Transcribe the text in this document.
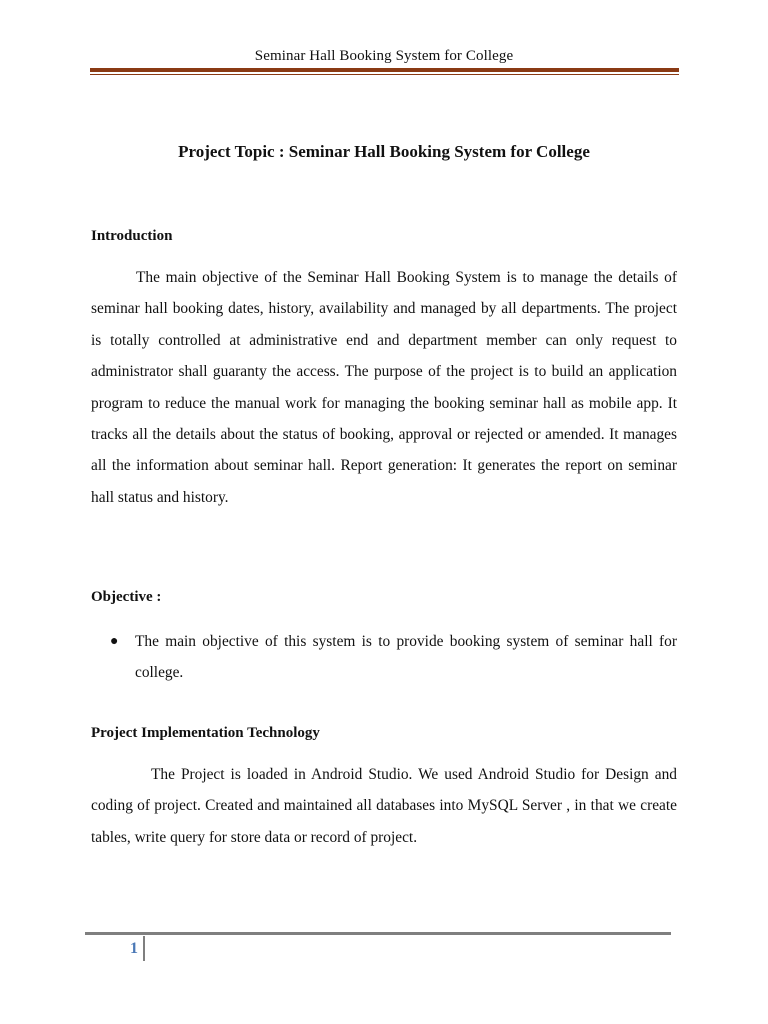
Seminar Hall Booking System for College
Project Topic : Seminar Hall Booking System for College
Introduction
The main objective of the Seminar Hall Booking System is to manage the details of seminar hall booking dates, history, availability and managed by all departments. The project is totally controlled at administrative end and department member can only request to administrator shall guaranty the access. The purpose of the project is to build an application program to reduce the manual work for managing the booking seminar hall as mobile app. It tracks all the details about the status of booking, approval or rejected or amended. It manages all the information about seminar hall. Report generation: It generates the report on seminar hall status and history.
Objective :
● The main objective of this system is to provide booking system of seminar hall for college.
Project Implementation Technology
The Project is loaded in Android Studio. We used Android Studio for Design and coding of project. Created and maintained all databases into MySQL Server , in that we create tables, write query for store data or record of project.
1
